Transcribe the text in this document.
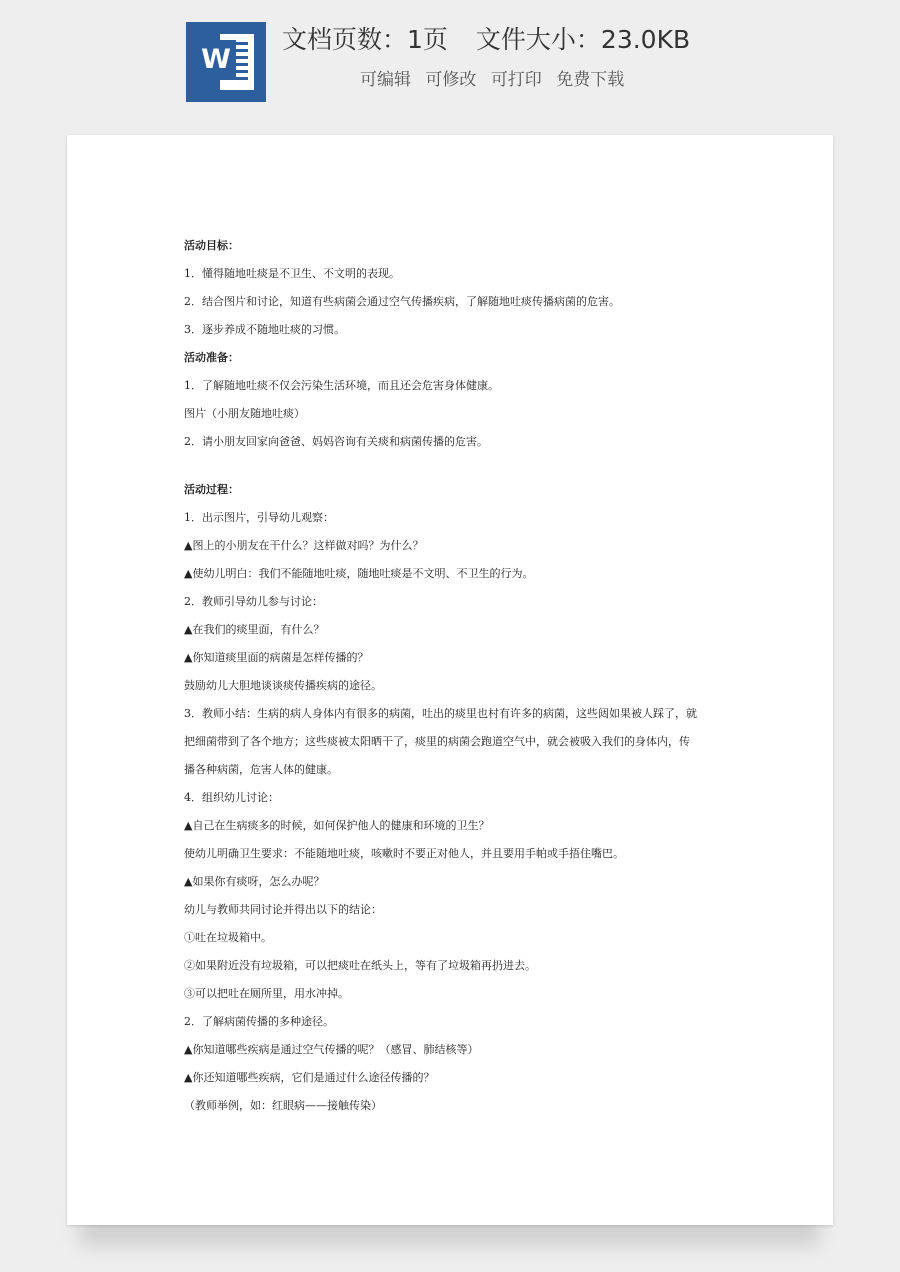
W
文档页数：1页 文件大小：23.0KB
可编辑 可修改 可打印 免费下载
活动目标：
1．懂得随地吐痰是不卫生、不文明的表现。
2．结合图片和讨论，知道有些病菌会通过空气传播疾病，了解随地吐痰传播病菌的危害。
3．逐步养成不随地吐痰的习惯。
活动准备：
1．了解随地吐痰不仅会污染生活环境，而且还会危害身体健康。
图片（小朋友随地吐痰）
2．请小朋友回家向爸爸、妈妈咨询有关痰和病菌传播的危害。
活动过程：
1．出示图片，引导幼儿观察：
▲图上的小朋友在干什么？这样做对吗？为什么？
▲使幼儿明白：我们不能随地吐痰，随地吐痰是不文明、不卫生的行为。
2．教师引导幼儿参与讨论：
▲在我们的痰里面，有什么？
▲你知道痰里面的病菌是怎样传播的？
鼓励幼儿大胆地谈谈痰传播疾病的途径。
3．教师小结：生病的病人身体内有很多的病菌，吐出的痰里也村有许多的病菌，这些闼如果被人踩了，就
把细菌带到了各个地方；这些痰被太阳晒干了，痰里的病菌会跑道空气中，就会被吸入我们的身体内，传
播各种病菌，危害人体的健康。
4．组织幼儿讨论：
▲自己在生病痰多的时候，如何保护他人的健康和环境的卫生？
使幼儿明确卫生要求：不能随地吐痰，咳嗽时不要正对他人，并且要用手帕或手捂住嘴巴。
▲如果你有痰呀，怎么办呢？
幼儿与教师共同讨论并得出以下的结论：
①吐在垃圾箱中。
②如果附近没有垃圾箱，可以把痰吐在纸头上，等有了垃圾箱再扔进去。
③可以把吐在厕所里，用水冲掉。
2．了解病菌传播的多种途径。
▲你知道哪些疾病是通过空气传播的呢？（感冒、肺结核等）
▲你还知道哪些疾病，它们是通过什么途径传播的？
（教师举例，如：红眼病——接触传染）
